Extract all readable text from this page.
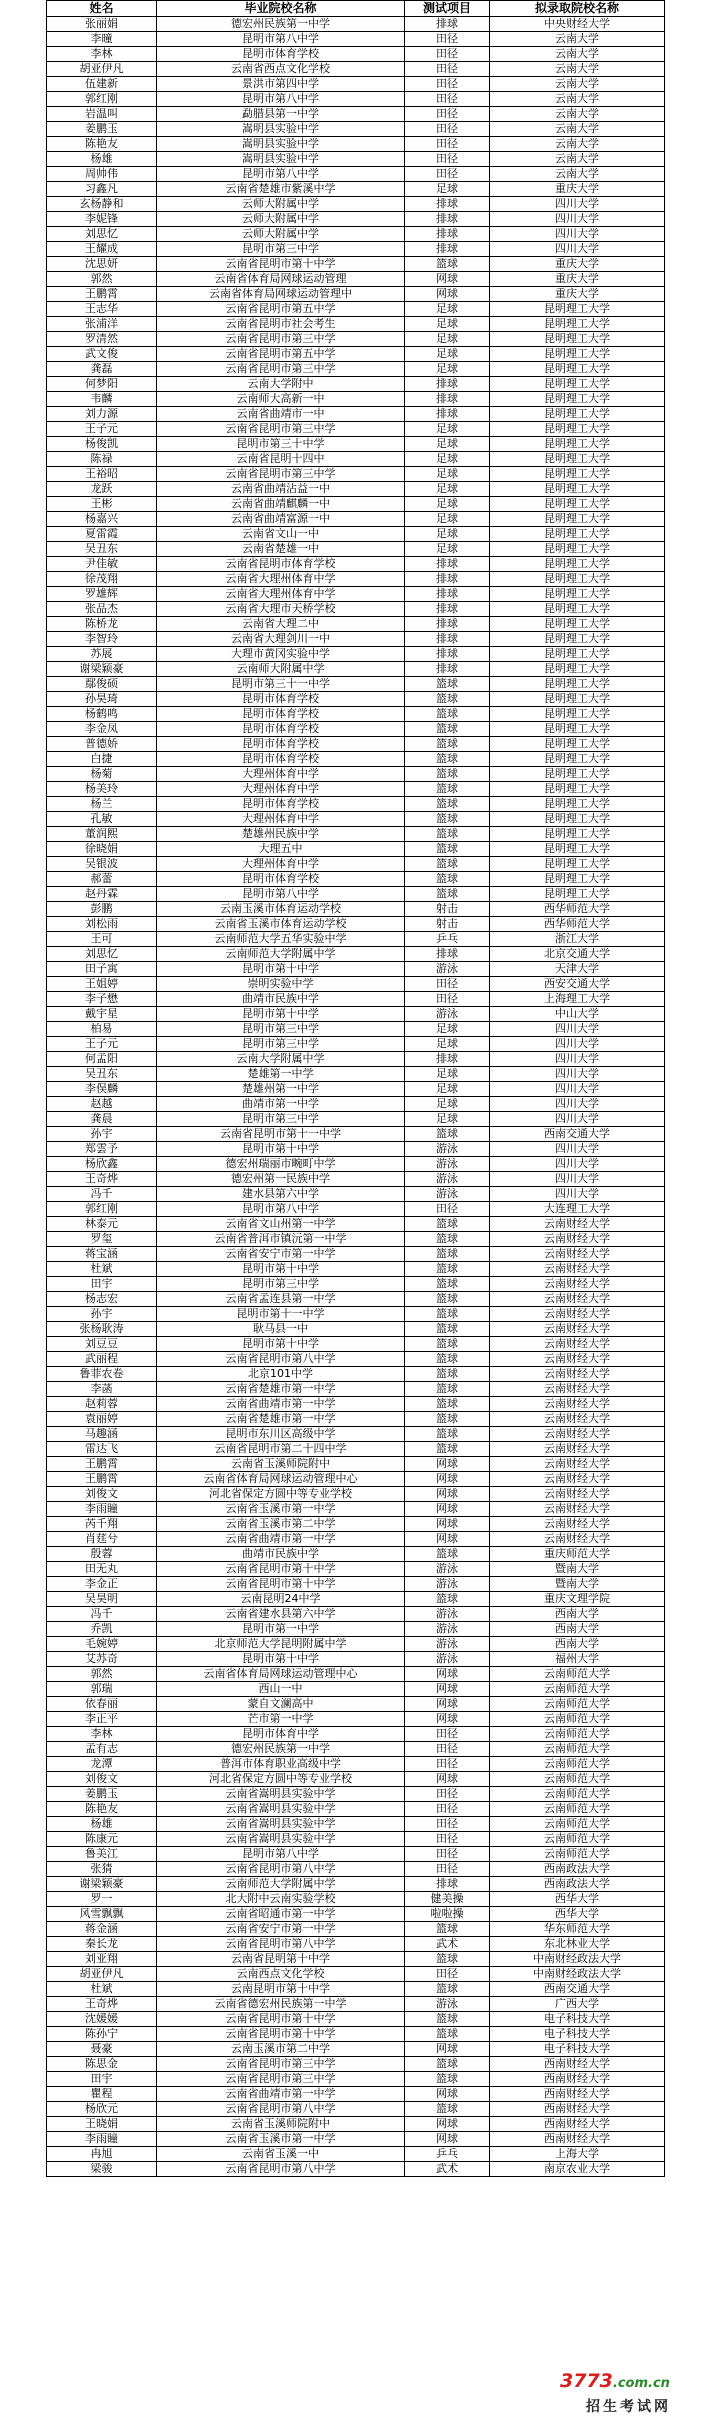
姓名	毕业院校名称	测试项目	拟录取院校名称
张丽娟	德宏州民族第一中学	排球	中央财经大学
李曈	昆明市第八中学	田径	云南大学
李林	昆明市体育学校	田径	云南大学
胡亚伊凡	云南省西点文化学校	田径	云南大学
伍建新	景洪市第四中学	田径	云南大学
郭红刚	昆明市第八中学	田径	云南大学
岩温叫	勐腊县第一中学	田径	云南大学
姜鹏玉	嵩明县实验中学	田径	云南大学
陈艳友	嵩明县实验中学	田径	云南大学
杨雄	嵩明县实验中学	田径	云南大学
周帅伟	昆明市第八中学	田径	云南大学
习鑫凡	云南省楚雄市紫溪中学	足球	重庆大学
玄杨静和	云师大附属中学	排球	四川大学
李妮锋	云师大附属中学	排球	四川大学
刘思忆	云师大附属中学	排球	四川大学
王耀成	昆明市第三中学	排球	四川大学
沈思妍	云南省昆明市第十中学	篮球	重庆大学
郭然	云南省体育局网球运动管理	网球	重庆大学
王鹏霄	云南省体育局网球运动管理中	网球	重庆大学
王志华	云南省昆明市第五中学	足球	昆明理工大学
张浦洋	云南省昆明市社会考生	足球	昆明理工大学
罗清然	云南省昆明市第三中学	足球	昆明理工大学
武文俊	云南省昆明市第五中学	足球	昆明理工大学
龚磊	云南省昆明市第三中学	足球	昆明理工大学
何梦阳	云南大学附中	排球	昆明理工大学
韦麟	云南师大高新一中	排球	昆明理工大学
刘力源	云南省曲靖市一中	排球	昆明理工大学
王子元	云南省昆明市第三中学	足球	昆明理工大学
杨俊凯	昆明市第三十中学	足球	昆明理工大学
陈禄	云南省昆明十四中	足球	昆明理工大学
王裕昭	云南省昆明市第三中学	足球	昆明理工大学
龙跃	云南省曲靖沾益一中	足球	昆明理工大学
王彬	云南省曲靖麒麟一中	足球	昆明理工大学
杨嘉兴	云南省曲靖富源一中	足球	昆明理工大学
夏雷霞	云南省文山一中	足球	昆明理工大学
吴丑东	云南省楚雄一中	足球	昆明理工大学
尹佳敏	云南省昆明市体育学校	排球	昆明理工大学
徐茂翔	云南省大理州体育中学	排球	昆明理工大学
罗雄辉	云南省大理州体育中学	排球	昆明理工大学
张品杰	云南省大理市天桥学校	排球	昆明理工大学
陈桥龙	云南省大理二中	排球	昆明理工大学
李智玲	云南省大理剑川一中	排球	昆明理工大学
苏展	大理市黄冈实验中学	排球	昆明理工大学
谢梁颖豪	云南师大附属中学	排球	昆明理工大学
鄢俊硕	昆明市第三十一中学	篮球	昆明理工大学
孙昊琦	昆明市体育学校	篮球	昆明理工大学
杨鹤鸣	昆明市体育学校	篮球	昆明理工大学
李金凤	昆明市体育学校	篮球	昆明理工大学
普德娇	昆明市体育学校	篮球	昆明理工大学
白捷	昆明市体育学校	篮球	昆明理工大学
杨菊	大理州体育中学	篮球	昆明理工大学
杨美玲	大理州体育中学	篮球	昆明理工大学
杨兰	昆明市体育学校	篮球	昆明理工大学
孔敏	大理州体育中学	篮球	昆明理工大学
董润熙	楚雄州民族中学	篮球	昆明理工大学
徐晓娟	大理五中	篮球	昆明理工大学
吴银波	大理州体育中学	篮球	昆明理工大学
郝蕾	昆明市体育学校	篮球	昆明理工大学
赵丹霖	昆明市第八中学	篮球	昆明理工大学
彭鹏	云南玉溪市体育运动学校	射击	西华师范大学
刘松雨	云南省玉溪市体育运动学校	射击	西华师范大学
王可	云南师范大学五华实验中学	乒乓	浙江大学
刘思忆	云南师范大学附属中学	排球	北京交通大学
田子寓	昆明市第十中学	游泳	天津大学
王姐婷	崇明实验中学	田径	西安交通大学
李子懋	曲靖市民族中学	田径	上海理工大学
戴宇星	昆明市第十中学	游泳	中山大学
柏易	昆明市第三中学	足球	四川大学
王子元	昆明市第三中学	足球	四川大学
何孟阳	云南大学附属中学	排球	四川大学
吴丑东	楚雄第一中学	足球	四川大学
李俣麟	楚雄州第一中学	足球	四川大学
赵越	曲靖市第一中学	足球	四川大学
龚晨	昆明市第三中学	足球	四川大学
孙宇	云南省昆明市第十一中学	篮球	西南交通大学
郑雲予	昆明市第十中学	游泳	四川大学
杨欣鑫	德宏州瑞丽市畹町中学	游泳	四川大学
王奇烨	德宏州第一民族中学	游泳	四川大学
冯千	建水县第六中学	游泳	四川大学
郭红刚	昆明市第八中学	田径	大连理工大学
林泰元	云南省文山州第一中学	篮球	云南财经大学
罗玺	云南省普洱市镇沅第一中学	篮球	云南财经大学
蒋宝涵	云南省安宁市第一中学	篮球	云南财经大学
杜斌	昆明市第十中学	篮球	云南财经大学
田宇	昆明市第三中学	篮球	云南财经大学
杨志宏	云南省孟连县第一中学	篮球	云南财经大学
孙宇	昆明市第十一中学	篮球	云南财经大学
张杨耿涛	耿马县一中	篮球	云南财经大学
刘豆豆	昆明市第十中学	篮球	云南财经大学
武丽程	云南省昆明市第八中学	篮球	云南财经大学
鲁菲农卷	北京101中学	篮球	云南财经大学
李菡	云南省楚雄市第一中学	篮球	云南财经大学
赵莉蓉	云南省曲靖市第一中学	篮球	云南财经大学
袁丽婷	云南省楚雄市第一中学	篮球	云南财经大学
马趣涵	昆明市东川区高级中学	篮球	云南财经大学
雷达飞	云南省昆明市第二十四中学	篮球	云南财经大学
王鹏霄	云南省玉溪师院附中	网球	云南财经大学
王鹏霄	云南省体育局网球运动管理中心	网球	云南财经大学
刘俊文	河北省保定方圆中等专业学校	网球	云南财经大学
李雨瞳	云南省玉溪市第一中学	网球	云南财经大学
芮千翔	云南省玉溪市第二中学	网球	云南财经大学
肖莛兮	云南省曲靖市第一中学	网球	云南财经大学
殷蓉	曲靖市民族中学	篮球	重庆师范大学
田无丸	云南省昆明市第十中学	游泳	暨南大学
李金正	云南省昆明市第十中学	游泳	暨南大学
吴昊明	云南昆明24中学	篮球	重庆文理学院
冯千	云南省建水县第六中学	游泳	西南大学
乔凯	昆明市第一中学	游泳	西南大学
毛婉婷	北京师范大学昆明附属中学	游泳	西南大学
艾苏奇	昆明市第十中学	游泳	福州大学
郭然	云南省体育局网球运动管理中心	网球	云南师范大学
郭瑞	西山一中	网球	云南师范大学
依春丽	蒙自文澜高中	网球	云南师范大学
李正平	芒市第一中学	网球	云南师范大学
李林	昆明市体育中学	田径	云南师范大学
孟有志	德宏州民族第一中学	田径	云南师范大学
龙潭	普洱市体育职业高级中学	田径	云南师范大学
刘俊文	河北省保定方圆中等专业学校	网球	云南师范大学
姜鹏玉	云南省嵩明县实验中学	田径	云南师范大学
陈艳友	云南省嵩明县实验中学	田径	云南师范大学
杨雄	云南省嵩明县实验中学	田径	云南师范大学
陈康元	云南省嵩明县实验中学	田径	云南师范大学
鲁美江	昆明市第八中学	田径	云南师范大学
张猜	云南省昆明市第八中学	田径	西南政法大学
谢梁颖豪	云南师范大学附属中学	排球	西南政法大学
罗一	北大附中云南实验学校	健美操	西华大学
风雪飘飘	云南省昭通市第一中学	啦啦操	西华大学
蒋金涵	云南省安宁市第一中学	篮球	华东师范大学
秦长龙	云南省昆明市第八中学	武术	东北林业大学
刘亚翔	云南省昆明第十中学	篮球	中南财经政法大学
胡亚伊凡	云南西点文化学校	田径	中南财经政法大学
杜斌	云南昆明市第十中学	篮球	西南交通大学
王奇烨	云南省德宏州民族第一中学	游泳	广西大学
沈媛媛	云南省昆明市第十中学	篮球	电子科技大学
陈孙宁	云南省昆明市第十中学	篮球	电子科技大学
聂豪	云南玉溪市第二中学	网球	电子科技大学
陈思金	云南省昆明市第三中学	篮球	西南财经大学
田宇	云南省昆明市第三中学	篮球	西南财经大学
瞿程	云南省曲靖市第一中学	网球	西南财经大学
杨欣元	云南省昆明市第八中学	篮球	西南财经大学
王晓娟	云南省玉溪师院附中	网球	西南财经大学
李雨瞳	云南省玉溪市第一中学	网球	西南财经大学
冉旭	云南省玉溪一中	乒乓	上海大学
梁骏	云南省昆明市第八中学	武术	南京农业大学
3773.com.cn
招生考试网
